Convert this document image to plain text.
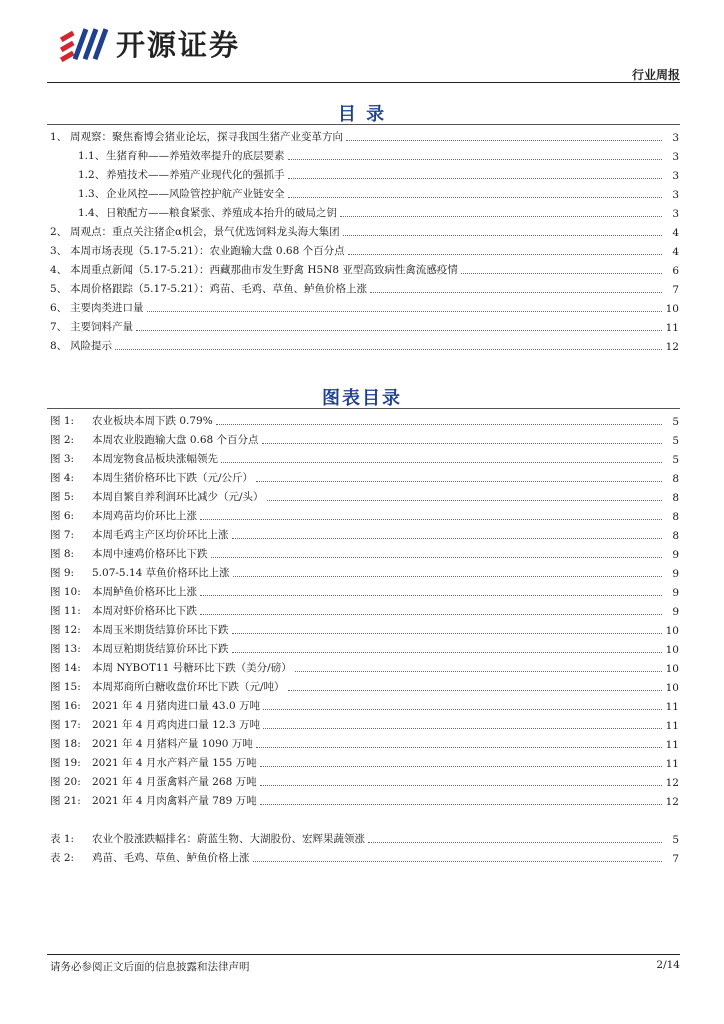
开源证券
行业周报
目 录
1、 周观察：聚焦畜博会猪业论坛，探寻我国生猪产业变革方向	3
1.1、 生猪育种——养殖效率提升的底层要素	3
1.2、 养殖技术——养殖产业现代化的强抓手	3
1.3、 企业风控——风险管控护航产业链安全	3
1.4、 日粮配方——粮食紧张、养殖成本抬升的破局之钥	3
2、 周观点：重点关注猪企α机会，景气优选饲料龙头海大集团	4
3、 本周市场表现（5.17-5.21）：农业跑输大盘 0.68 个百分点	4
4、 本周重点新闻（5.17-5.21）：西藏那曲市发生野禽 H5N8 亚型高致病性禽流感疫情	6
5、 本周价格跟踪（5.17-5.21）：鸡苗、毛鸡、草鱼、鲈鱼价格上涨	7
6、 主要肉类进口量	10
7、 主要饲料产量	11
8、 风险提示	12
图表目录
图 1:	农业板块本周下跌 0.79%	5
图 2:	本周农业股跑输大盘 0.68 个百分点	5
图 3:	本周宠物食品板块涨幅领先	5
图 4:	本周生猪价格环比下跌（元/公斤）	8
图 5:	本周自繁自养利润环比减少（元/头）	8
图 6:	本周鸡苗均价环比上涨	8
图 7:	本周毛鸡主产区均价环比上涨	8
图 8:	本周中速鸡价格环比下跌	9
图 9:	5.07-5.14 草鱼价格环比上涨	9
图 10:	本周鲈鱼价格环比上涨	9
图 11:	本周对虾价格环比下跌	9
图 12:	本周玉米期货结算价环比下跌	10
图 13:	本周豆粕期货结算价环比下跌	10
图 14:	本周 NYBOT11 号糖环比下跌（美分/磅）	10
图 15:	本周郑商所白糖收盘价环比下跌（元/吨）	10
图 16:	2021 年 4 月猪肉进口量 43.0 万吨	11
图 17:	2021 年 4 月鸡肉进口量 12.3 万吨	11
图 18:	2021 年 4 月猪料产量 1090 万吨	11
图 19:	2021 年 4 月水产料产量 155 万吨	11
图 20:	2021 年 4 月蛋禽料产量 268 万吨	12
图 21:	2021 年 4 月肉禽料产量 789 万吨	12
表 1:	农业个股涨跌幅排名：蔚蓝生物、大湖股份、宏辉果蔬领涨	5
表 2:	鸡苗、毛鸡、草鱼、鲈鱼价格上涨	7
请务必参阅正文后面的信息披露和法律声明	2/14
